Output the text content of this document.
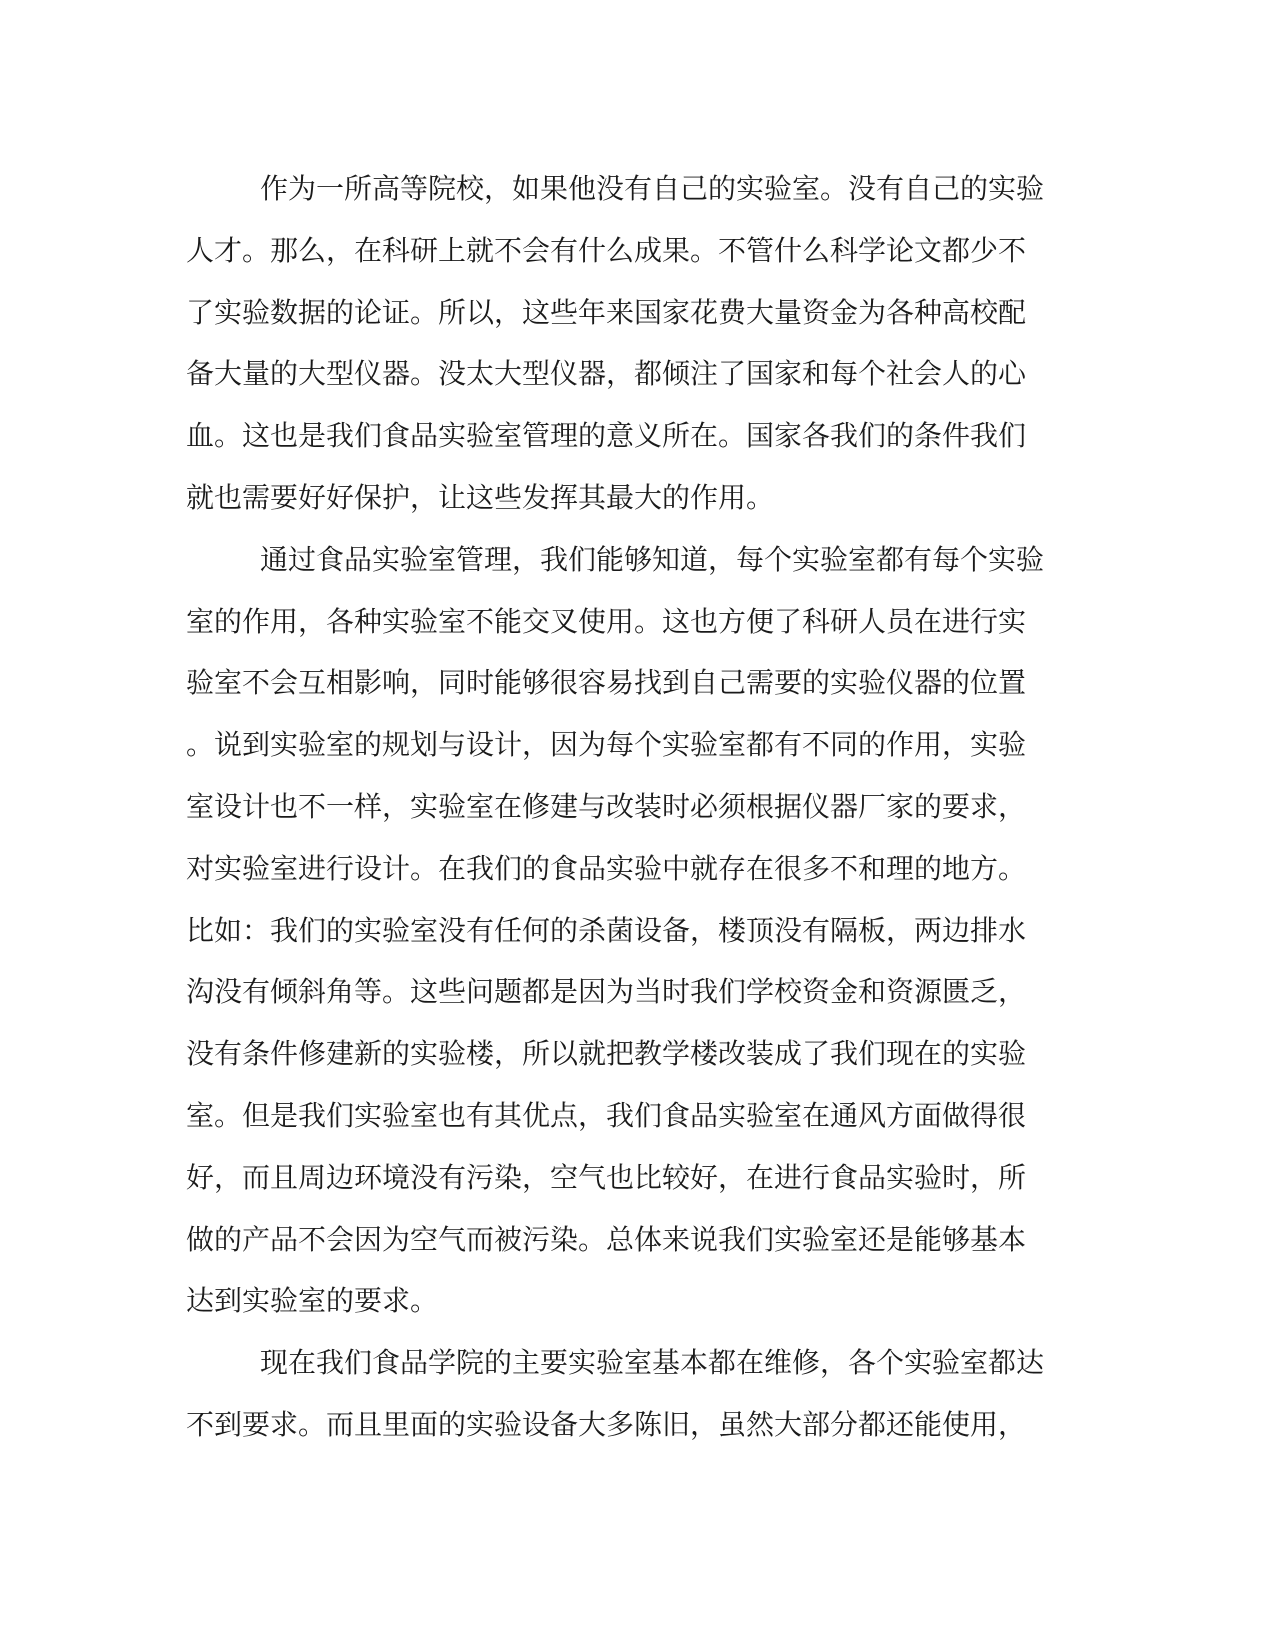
作为一所高等院校，如果他没有自己的实验室。没有自己的实验
人才。那么，在科研上就不会有什么成果。不管什么科学论文都少不
了实验数据的论证。所以，这些年来国家花费大量资金为各种高校配
备大量的大型仪器。没太大型仪器，都倾注了国家和每个社会人的心
血。这也是我们食品实验室管理的意义所在。国家各我们的条件我们
就也需要好好保护，让这些发挥其最大的作用。
通过食品实验室管理，我们能够知道，每个实验室都有每个实验
室的作用，各种实验室不能交叉使用。这也方便了科研人员在进行实
验室不会互相影响，同时能够很容易找到自己需要的实验仪器的位置
。说到实验室的规划与设计，因为每个实验室都有不同的作用，实验
室设计也不一样，实验室在修建与改装时必须根据仪器厂家的要求，
对实验室进行设计。在我们的食品实验中就存在很多不和理的地方。
比如：我们的实验室没有任何的杀菌设备，楼顶没有隔板，两边排水
沟没有倾斜角等。这些问题都是因为当时我们学校资金和资源匮乏，
没有条件修建新的实验楼，所以就把教学楼改装成了我们现在的实验
室。但是我们实验室也有其优点，我们食品实验室在通风方面做得很
好，而且周边环境没有污染，空气也比较好，在进行食品实验时，所
做的产品不会因为空气而被污染。总体来说我们实验室还是能够基本
达到实验室的要求。
现在我们食品学院的主要实验室基本都在维修，各个实验室都达
不到要求。而且里面的实验设备大多陈旧，虽然大部分都还能使用，
